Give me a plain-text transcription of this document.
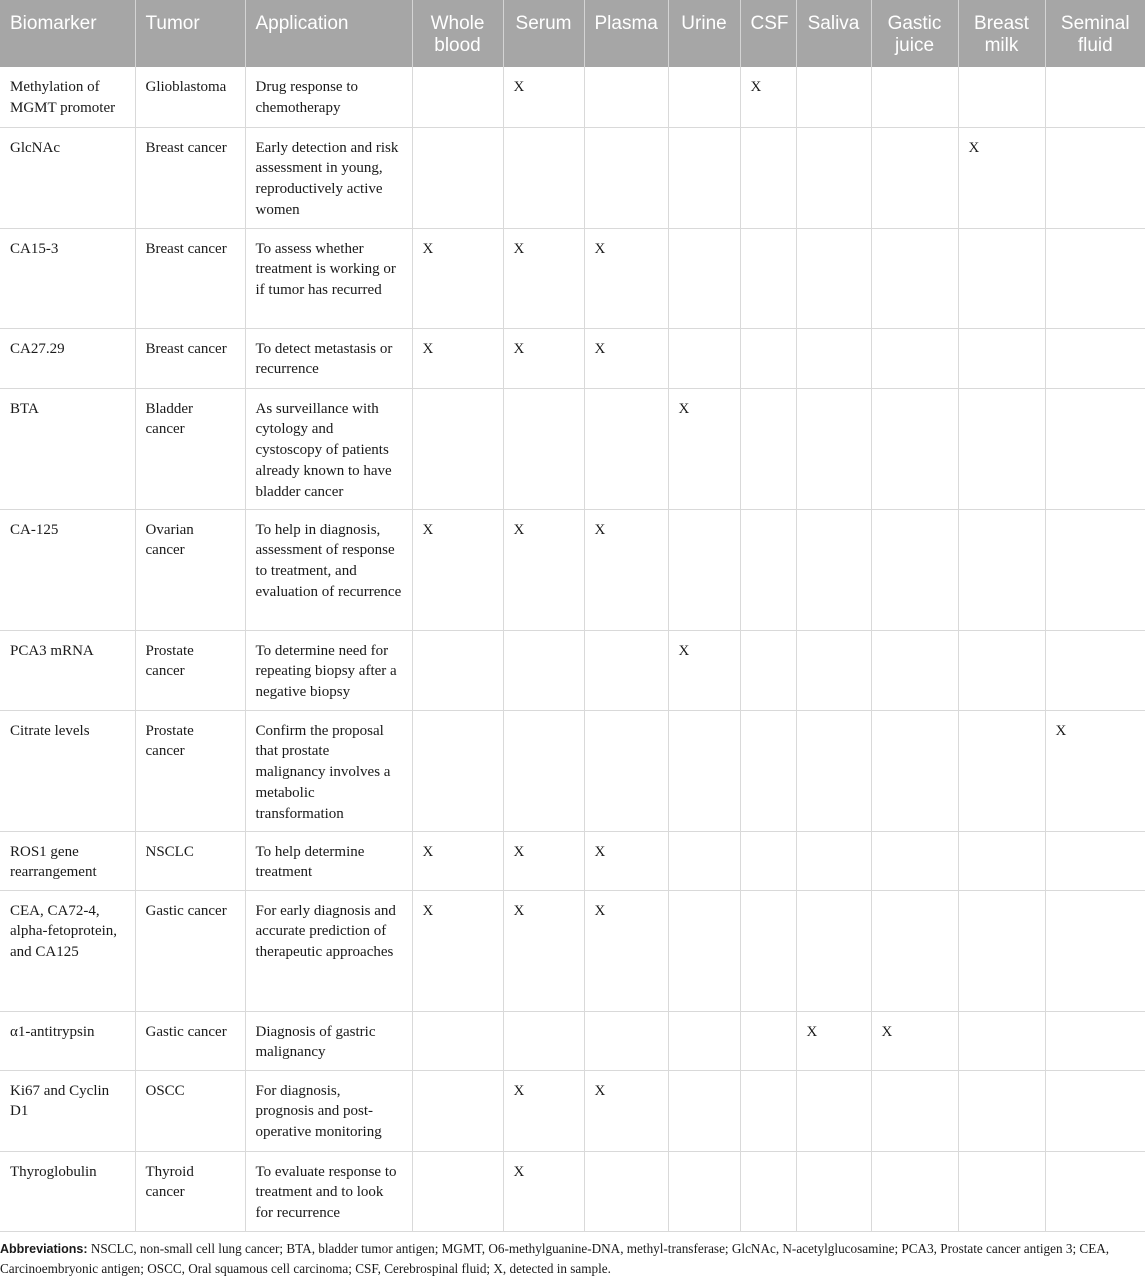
Biomarker	Tumor	Application	Whole blood	Serum	Plasma	Urine	CSF	Saliva	Gastic juice	Breast milk	Seminal fluid
Methylation of MGMT promoter	Glioblastoma	Drug response to chemotherapy		X			X				
GlcNAc	Breast cancer	Early detection and risk assessment in young, reproductively active women								X	
CA15-3	Breast cancer	To assess whether treatment is working or if tumor has recurred	X	X	X						
CA27.29	Breast cancer	To detect metastasis or recurrence	X	X	X						
BTA	Bladder cancer	As surveillance with cytology and cystoscopy of patients already known to have bladder cancer				X					
CA-125	Ovarian cancer	To help in diagnosis, assessment of response to treatment, and evaluation of recurrence	X	X	X						
PCA3 mRNA	Prostate cancer	To determine need for repeating biopsy after a negative biopsy				X					
Citrate levels	Prostate cancer	Confirm the proposal that prostate malignancy involves a metabolic transformation									X
ROS1 gene rearrangement	NSCLC	To help determine treatment	X	X	X						
CEA, CA72-4, alpha-fetoprotein, and CA125	Gastic cancer	For early diagnosis and accurate prediction of therapeutic approaches	X	X	X						
α1-antitrypsin	Gastic cancer	Diagnosis of gastric malignancy						X	X		
Ki67 and Cyclin D1	OSCC	For diagnosis, prognosis and post-operative monitoring		X	X						
Thyroglobulin	Thyroid cancer	To evaluate response to treatment and to look for recurrence		X							
Abbreviations: NSCLC, non-small cell lung cancer; BTA, bladder tumor antigen; MGMT, O6-methylguanine-DNA, methyl-transferase; GlcNAc, N-acetylglucosamine; PCA3, Prostate cancer antigen 3; CEA, Carcinoembryonic antigen; OSCC, Oral squamous cell carcinoma; CSF, Cerebrospinal fluid; X, detected in sample.
